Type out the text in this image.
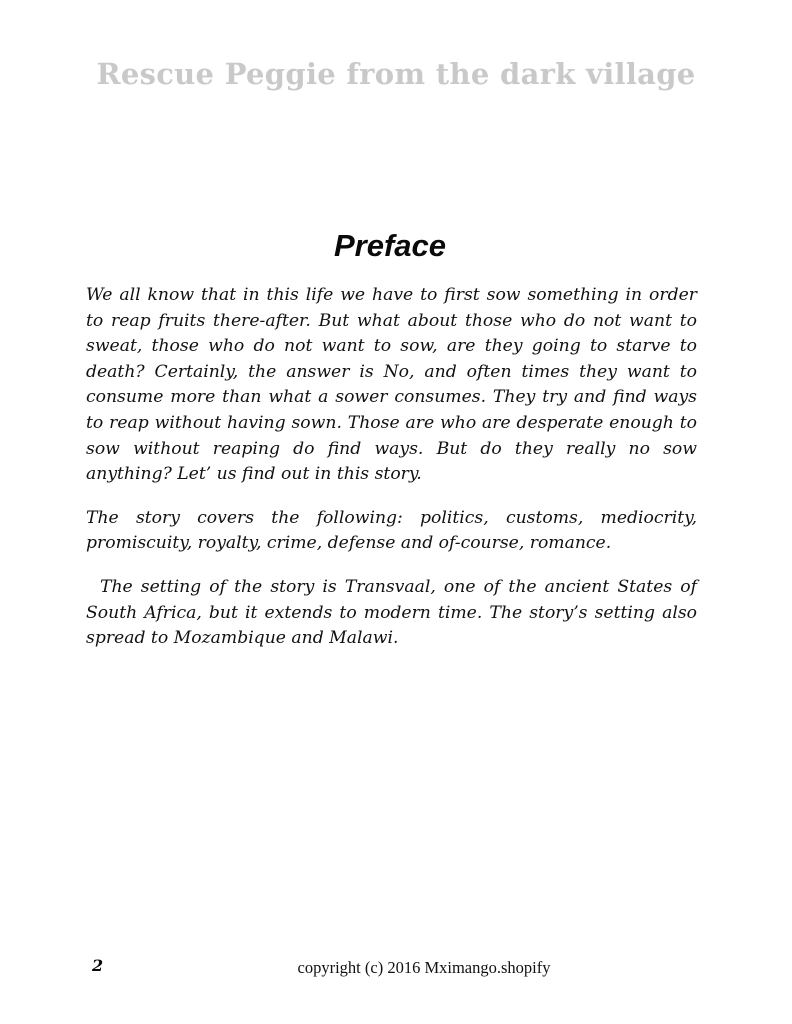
Rescue Peggie from the dark village
Preface

We all know that in this life we have to first sow something in order to reap fruits there-after. But what about those who do not want to sweat, those who do not want to sow, are they going to starve to death? Certainly, the answer is No, and often times they want to consume more than what a sower consumes. They try and find ways to reap without having sown. Those are who are desperate enough to sow without reaping do find ways. But do they really no sow anything? Let’ us find out in this story.

The story covers the following: politics, customs, mediocrity, promiscuity, royalty, crime, defense and of-course, romance.

The setting of the story is Transvaal, one of the ancient States of South Africa, but it extends to modern time. The story’s setting also spread to Mozambique and Malawi.

2	copyright (c) 2016 Mximango.shopify
